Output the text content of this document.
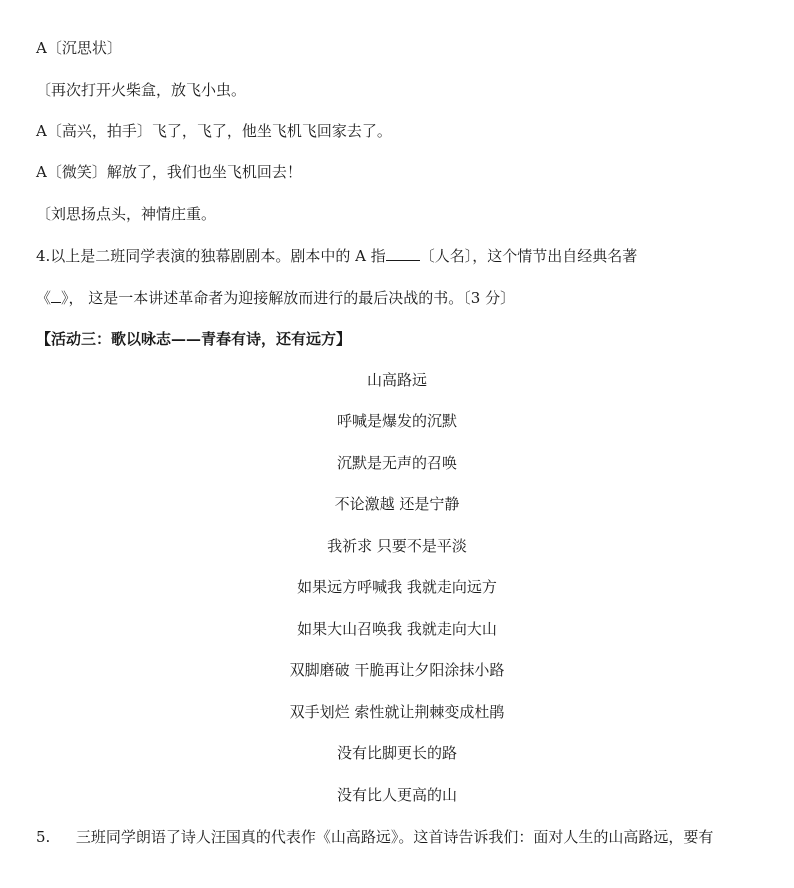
A〔沉思状〕
〔再次打开火柴盒，放飞小虫。
A〔高兴，拍手〕飞了，飞了，他坐飞机飞回家去了。
A〔微笑〕解放了，我们也坐飞机回去！
〔刘思扬点头，神情庄重。
4.以上是二班同学表演的独幕剧剧本。剧本中的 A 指 〔人名〕，这个情节出自经典名著
《 》， 这是一本讲述革命者为迎接解放而进行的最后决战的书。〔3 分〕
【活动三：歌以咏志——青春有诗，还有远方】
山高路远
呼喊是爆发的沉默
沉默是无声的召唤
不论激越 还是宁静
我祈求 只要不是平淡
如果远方呼喊我 我就走向远方
如果大山召唤我 我就走向大山
双脚磨破 干脆再让夕阳涂抹小路
双手划烂 索性就让荆棘变成杜鹃
没有比脚更长的路
没有比人更高的山
5. 三班同学朗语了诗人汪国真的代表作《山高路远》。这首诗告诉我们：面对人生的山高路远，要有
